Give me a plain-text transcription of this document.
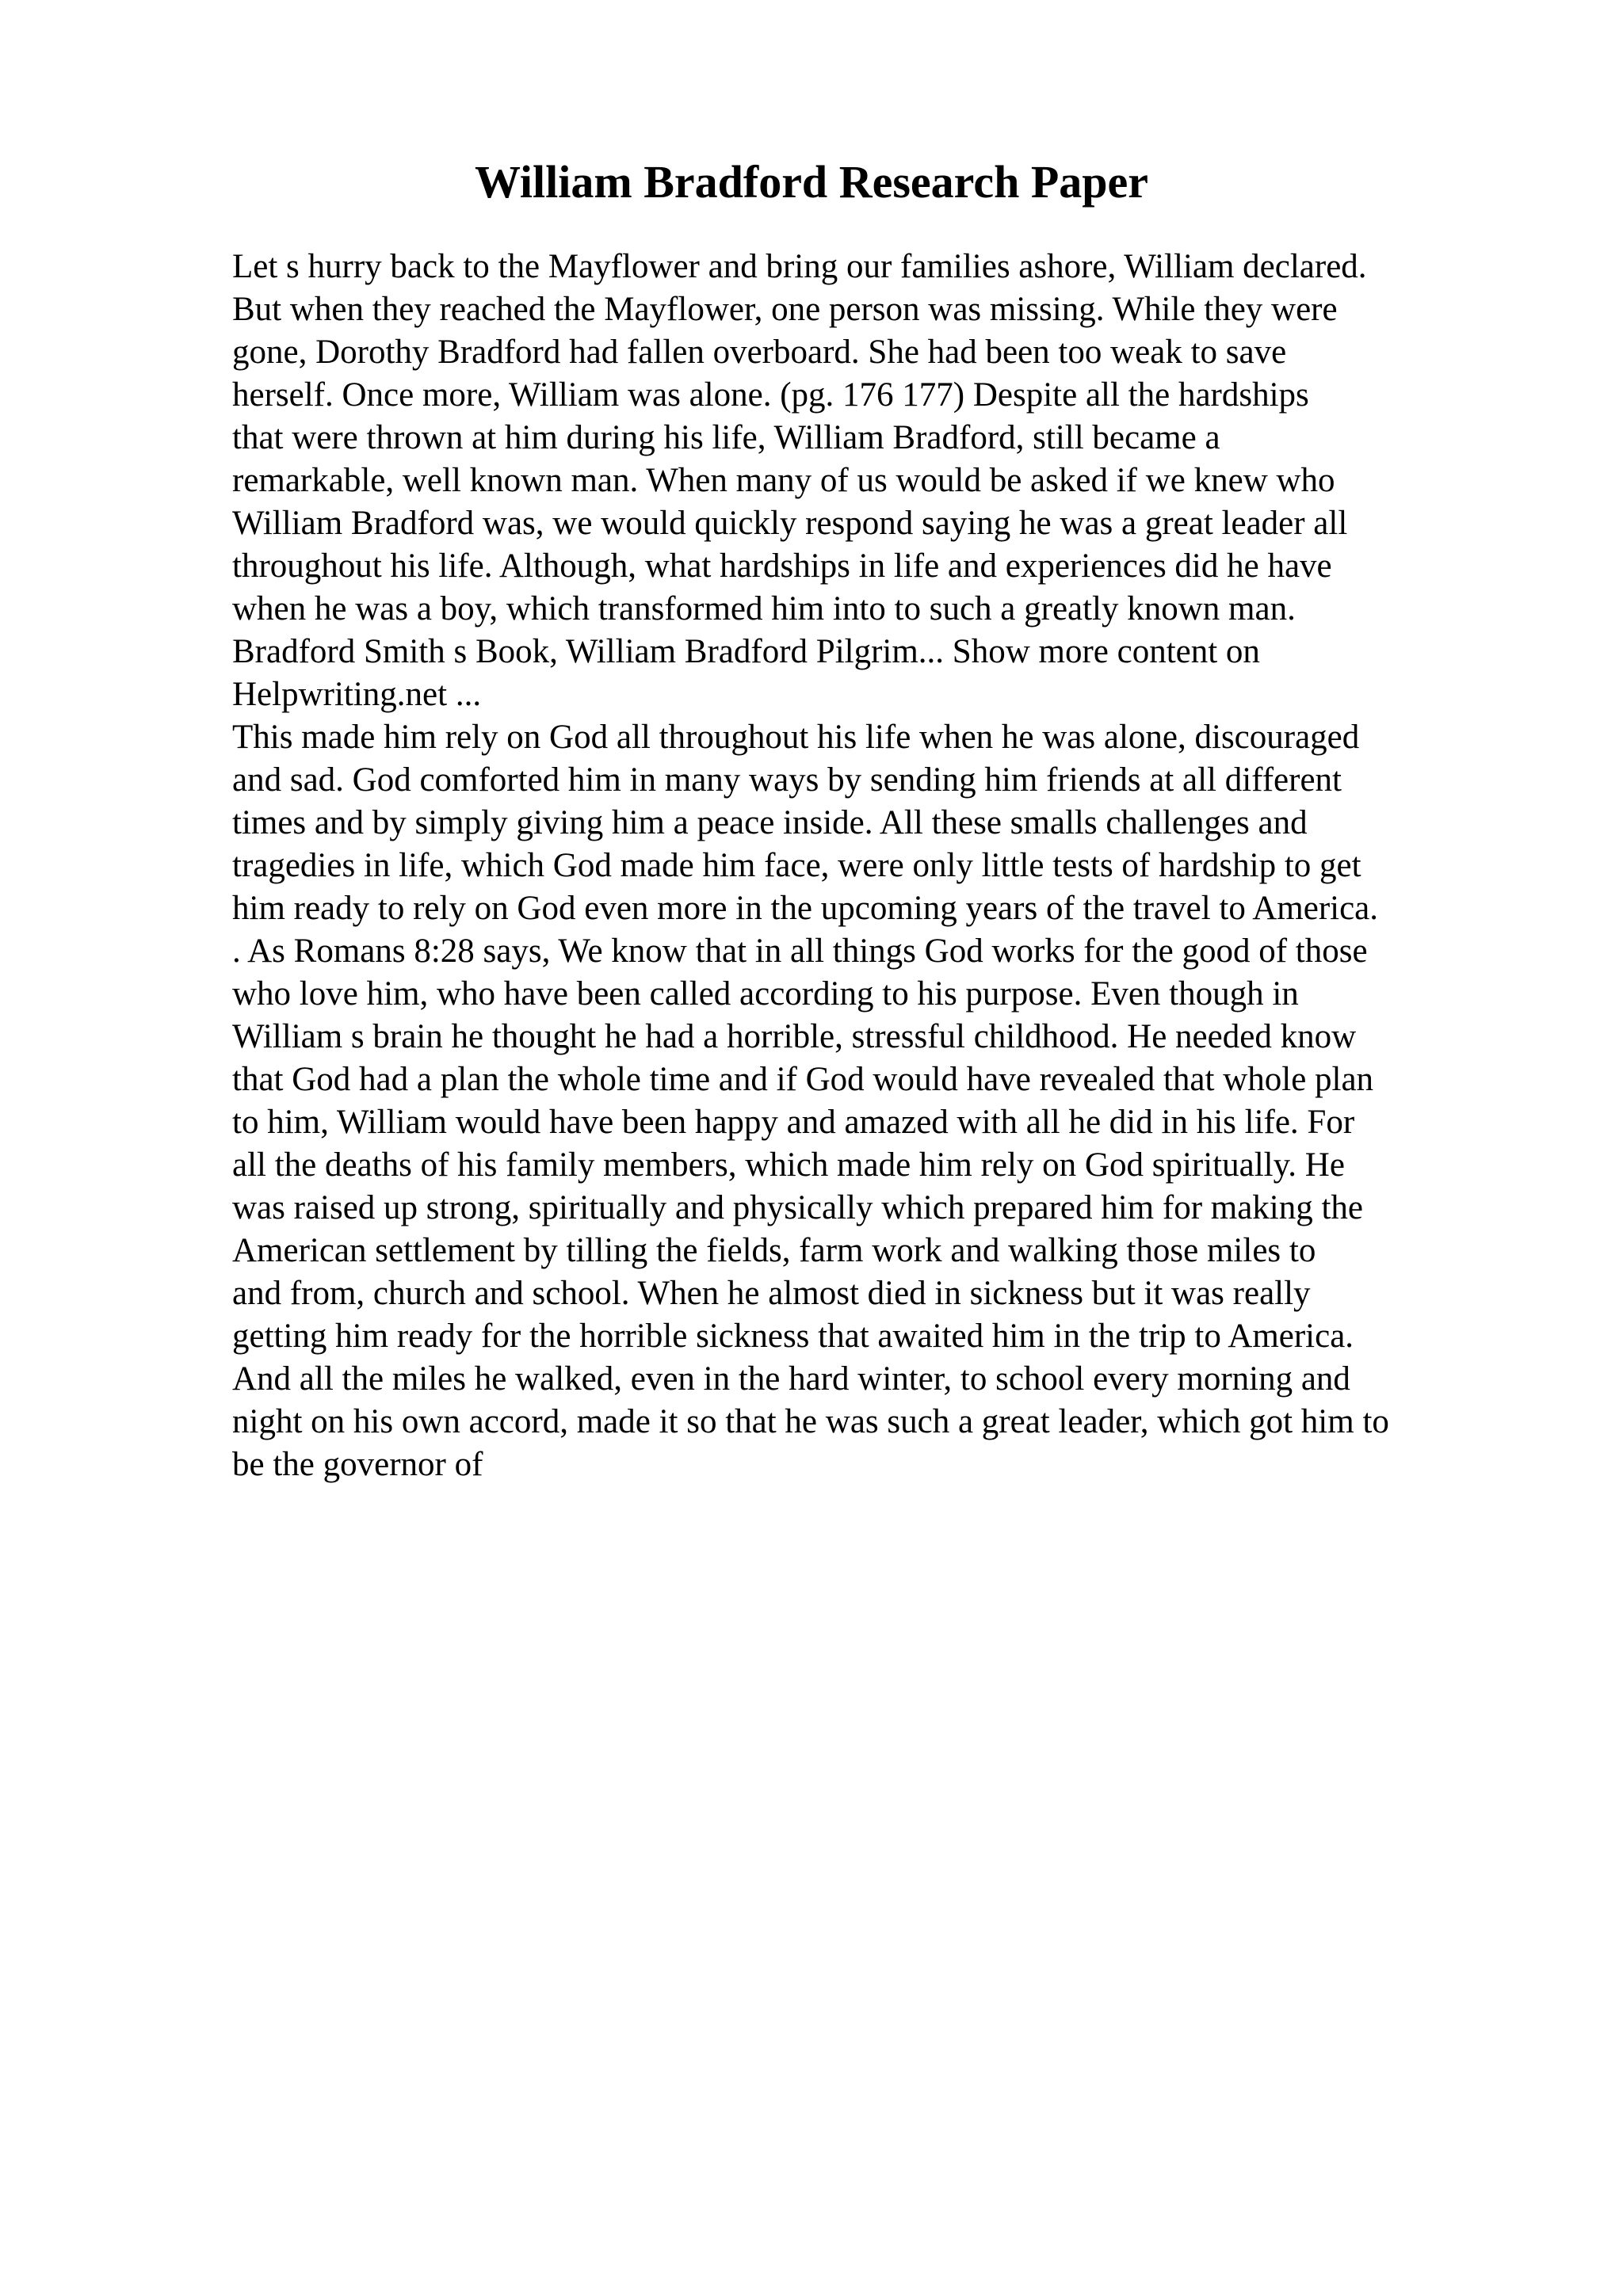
William Bradford Research Paper
Let s hurry back to the Mayflower and bring our families ashore, William declared.
But when they reached the Mayflower, one person was missing. While they were
gone, Dorothy Bradford had fallen overboard. She had been too weak to save
herself. Once more, William was alone. (pg. 176 177) Despite all the hardships
that were thrown at him during his life, William Bradford, still became a
remarkable, well known man. When many of us would be asked if we knew who
William Bradford was, we would quickly respond saying he was a great leader all
throughout his life. Although, what hardships in life and experiences did he have
when he was a boy, which transformed him into to such a greatly known man.
Bradford Smith s Book, William Bradford Pilgrim... Show more content on
Helpwriting.net ...
This made him rely on God all throughout his life when he was alone, discouraged
and sad. God comforted him in many ways by sending him friends at all different
times and by simply giving him a peace inside. All these smalls challenges and
tragedies in life, which God made him face, were only little tests of hardship to get
him ready to rely on God even more in the upcoming years of the travel to America.
. As Romans 8:28 says, We know that in all things God works for the good of those
who love him, who have been called according to his purpose. Even though in
William s brain he thought he had a horrible, stressful childhood. He needed know
that God had a plan the whole time and if God would have revealed that whole plan
to him, William would have been happy and amazed with all he did in his life. For
all the deaths of his family members, which made him rely on God spiritually. He
was raised up strong, spiritually and physically which prepared him for making the
American settlement by tilling the fields, farm work and walking those miles to
and from, church and school. When he almost died in sickness but it was really
getting him ready for the horrible sickness that awaited him in the trip to America.
And all the miles he walked, even in the hard winter, to school every morning and
night on his own accord, made it so that he was such a great leader, which got him to
be the governor of
